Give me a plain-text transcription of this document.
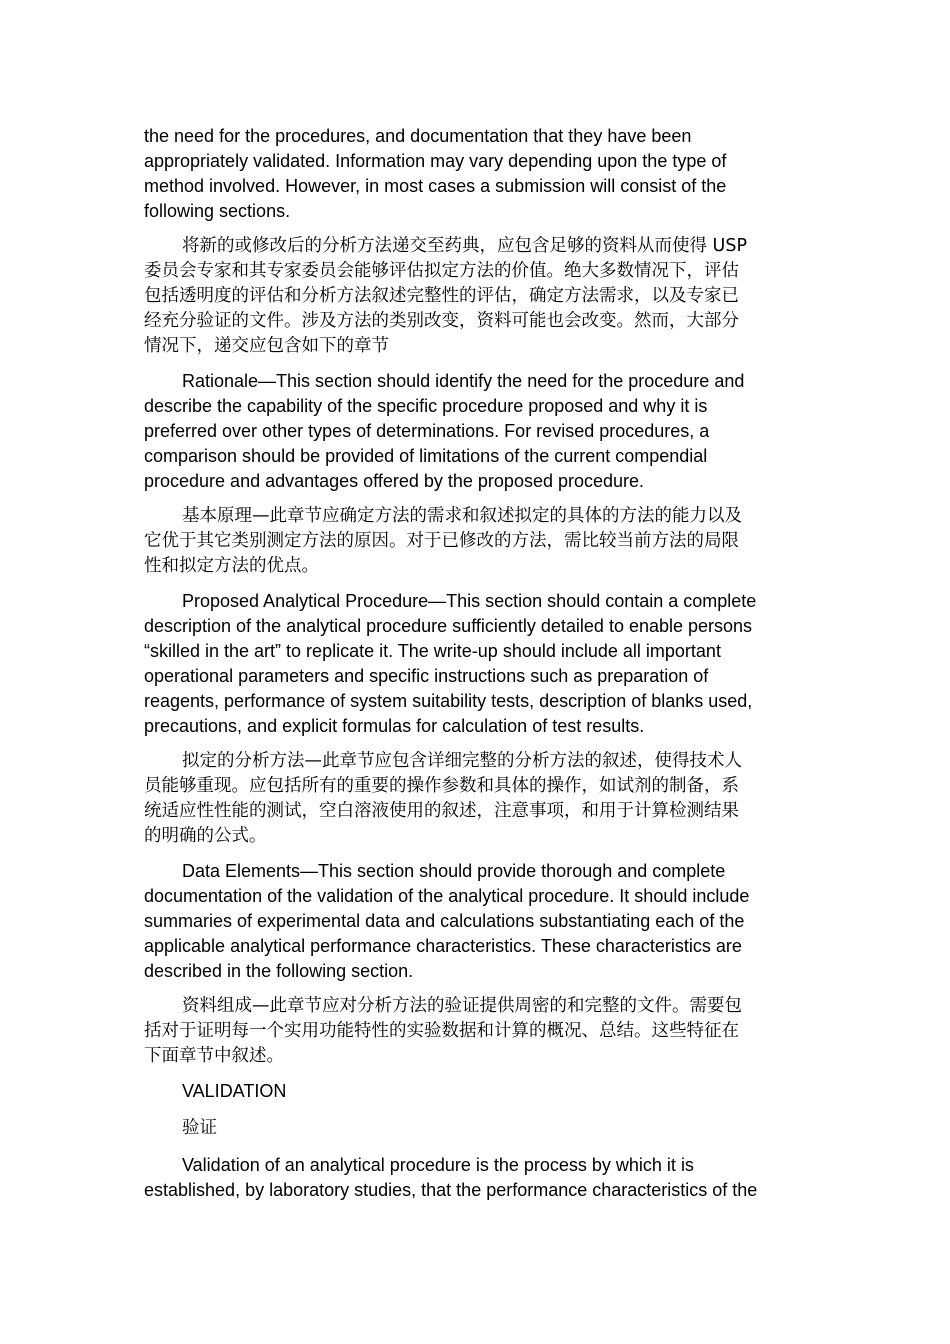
the need for the procedures, and documentation that they have been
appropriately validated. Information may vary depending upon the type of
method involved. However, in most cases a submission will consist of the
following sections.

将新的或修改后的分析方法递交至药典，应包含足够的资料从而使得 USP
委员会专家和其专家委员会能够评估拟定方法的价值。绝大多数情况下，评估
包括透明度的评估和分析方法叙述完整性的评估，确定方法需求，以及专家已
经充分验证的文件。涉及方法的类别改变，资料可能也会改变。然而，大部分
情况下，递交应包含如下的章节

Rationale—This section should identify the need for the procedure and
describe the capability of the specific procedure proposed and why it is
preferred over other types of determinations. For revised procedures, a
comparison should be provided of limitations of the current compendial
procedure and advantages offered by the proposed procedure.

基本原理—此章节应确定方法的需求和叙述拟定的具体的方法的能力以及
它优于其它类别测定方法的原因。对于已修改的方法，需比较当前方法的局限
性和拟定方法的优点。

Proposed Analytical Procedure—This section should contain a complete
description of the analytical procedure sufficiently detailed to enable persons
“skilled in the art” to replicate it. The write-up should include all important
operational parameters and specific instructions such as preparation of
reagents, performance of system suitability tests, description of blanks used,
precautions, and explicit formulas for calculation of test results.

拟定的分析方法—此章节应包含详细完整的分析方法的叙述，使得技术人
员能够重现。应包括所有的重要的操作参数和具体的操作，如试剂的制备，系
统适应性性能的测试，空白溶液使用的叙述，注意事项，和用于计算检测结果
的明确的公式。

Data Elements—This section should provide thorough and complete
documentation of the validation of the analytical procedure. It should include
summaries of experimental data and calculations substantiating each of the
applicable analytical performance characteristics. These characteristics are
described in the following section.

资料组成—此章节应对分析方法的验证提供周密的和完整的文件。需要包
括对于证明每一个实用功能特性的实验数据和计算的概况、总结。这些特征在
下面章节中叙述。

VALIDATION

验证

Validation of an analytical procedure is the process by which it is
established, by laboratory studies, that the performance characteristics of the
